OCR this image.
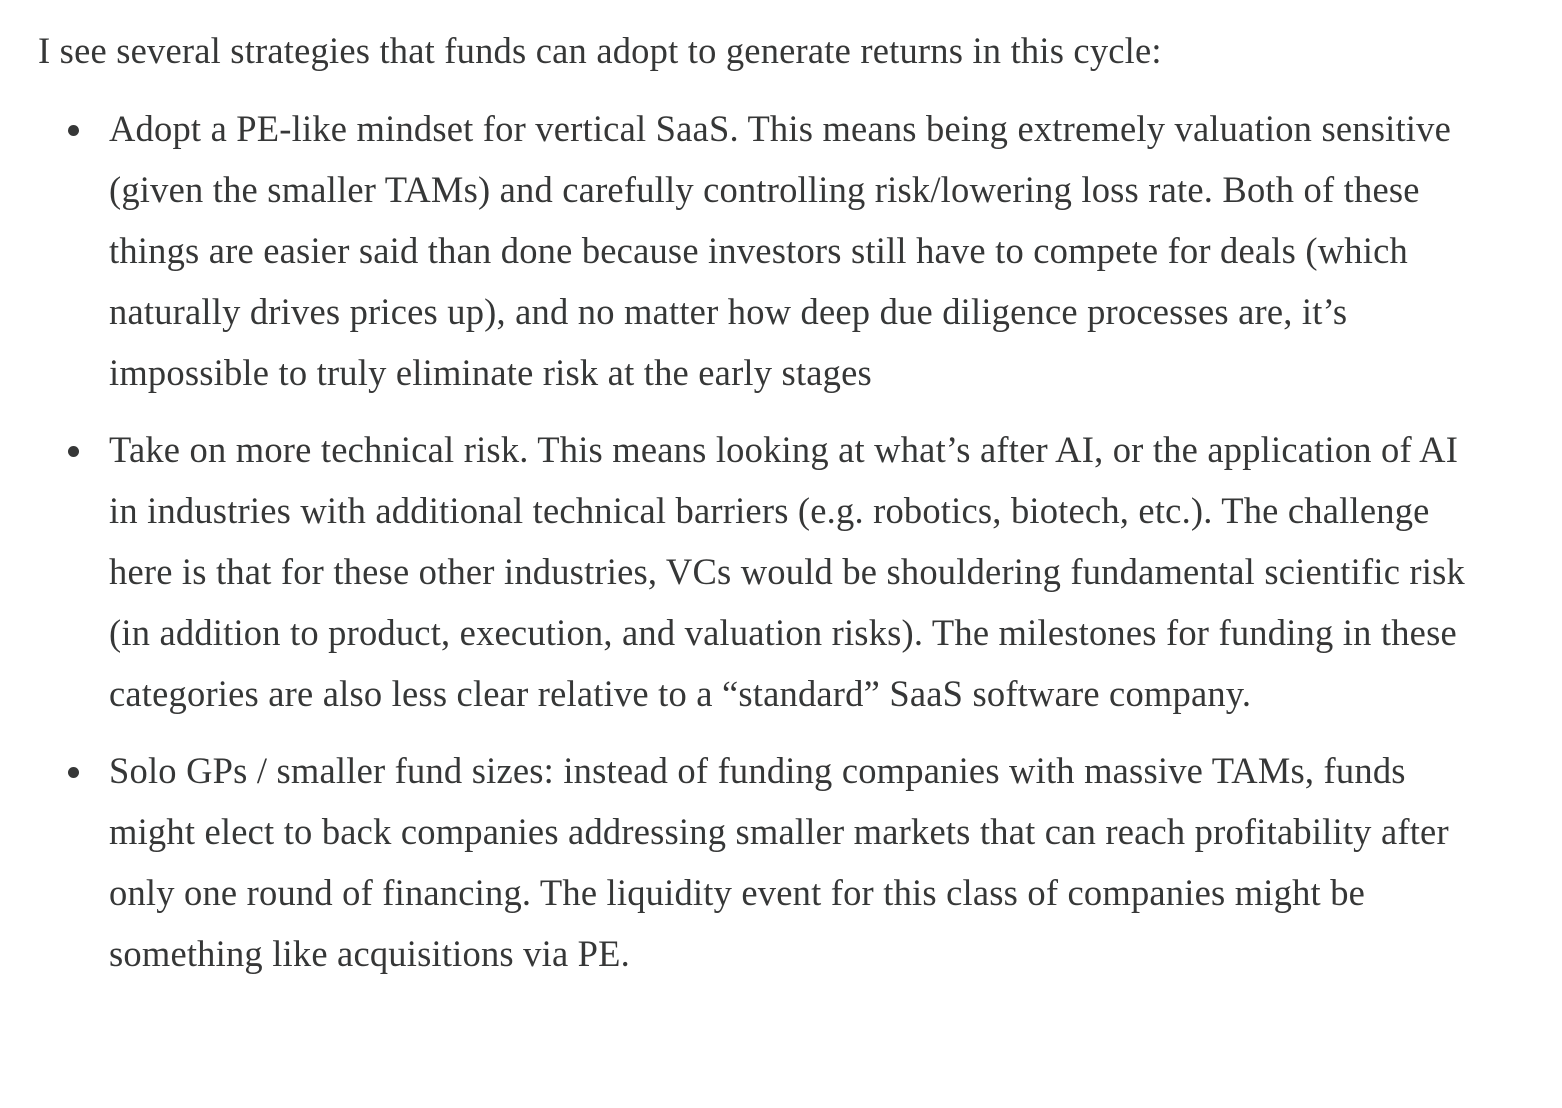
I see several strategies that funds can adopt to generate returns in this cycle:

Adopt a PE-like mindset for vertical SaaS. This means being extremely valuation sensitive (given the smaller TAMs) and carefully controlling risk/lowering loss rate. Both of these things are easier said than done because investors still have to compete for deals (which naturally drives prices up), and no matter how deep due diligence processes are, it’s impossible to truly eliminate risk at the early stages
Take on more technical risk. This means looking at what’s after AI, or the application of AI in industries with additional technical barriers (e.g. robotics, biotech, etc.). The challenge here is that for these other industries, VCs would be shouldering fundamental scientific risk (in addition to product, execution, and valuation risks). The milestones for funding in these categories are also less clear relative to a “standard” SaaS software company.
Solo GPs / smaller fund sizes: instead of funding companies with massive TAMs, funds might elect to back companies addressing smaller markets that can reach profitability after only one round of financing. The liquidity event for this class of companies might be something like acquisitions via PE.
